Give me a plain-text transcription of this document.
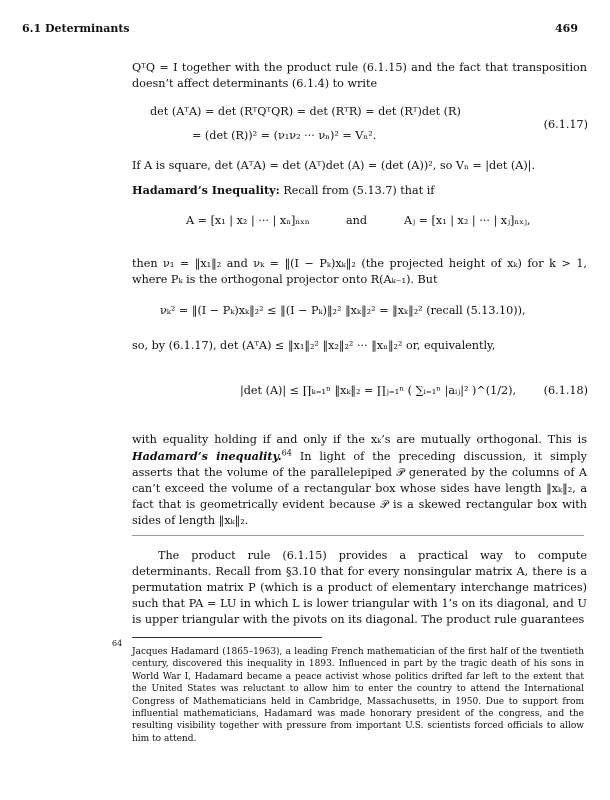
6.1 Determinants	469

QᵀQ = I together with the product rule (6.1.15) and the fact that transposition doesn’t affect determinants (6.1.4) to write

det (AᵀA) = det (RᵀQᵀQR) = det (RᵀR) = det (Rᵀ)det (R)
= (det (R))² = (ν₁ν₂ ··· νₙ)² = Vₙ².
(6.1.17)

If A is square, det (AᵀA) = det (Aᵀ)det (A) = (det (A))², so Vₙ = |det (A)|.

Hadamard’s Inequality: Recall from (5.13.7) that if

A = [x₁ | x₂ | ··· | xₙ]ₙₓₙ	and	Aⱼ = [x₁ | x₂ | ··· | xⱼ]ₙₓⱼ,

then ν₁ = ‖x₁‖₂ and νₖ = ‖(I − Pₖ)xₖ‖₂ (the projected height of xₖ) for k > 1, where Pₖ is the orthogonal projector onto R(Aₖ₋₁). But

νₖ² = ‖(I − Pₖ)xₖ‖₂² ≤ ‖(I − Pₖ)‖₂² ‖xₖ‖₂² = ‖xₖ‖₂² (recall (5.13.10)),

so, by (6.1.17), det (AᵀA) ≤ ‖x₁‖₂² ‖x₂‖₂² ··· ‖xₙ‖₂² or, equivalently,

|det (A)| ≤ ∏ₖ₌₁ⁿ ‖xₖ‖₂ = ∏ⱼ₌₁ⁿ ( ∑ᵢ₌₁ⁿ |aᵢⱼ|² )^(1/2), (6.1.18)

with equality holding if and only if the xₖ’s are mutually orthogonal. This is Hadamard’s inequality.$^{64}$ In light of the preceding discussion, it simply asserts that the volume of the parallelepiped 𝒫 generated by the columns of A can’t exceed the volume of a rectangular box whose sides have length ‖xₖ‖₂, a fact that is geometrically evident because 𝒫 is a skewed rectangular box with sides of length ‖xₖ‖₂.

The product rule (6.1.15) provides a practical way to compute determinants. Recall from §3.10 that for every nonsingular matrix A, there is a permutation matrix P (which is a product of elementary interchange matrices) such that PA = LU in which L is lower triangular with 1’s on its diagonal, and U is upper triangular with the pivots on its diagonal. The product rule guarantees

64
Jacques Hadamard (1865–1963), a leading French mathematician of the first half of the twentieth century, discovered this inequality in 1893. Influenced in part by the tragic death of his sons in World War I, Hadamard became a peace activist whose politics drifted far left to the extent that the United States was reluctant to allow him to enter the country to attend the International Congress of Mathematicians held in Cambridge, Massachusetts, in 1950. Due to support from influential mathematicians, Hadamard was made honorary president of the congress, and the resulting visibility together with pressure from important U.S. scientists forced officials to allow him to attend.
